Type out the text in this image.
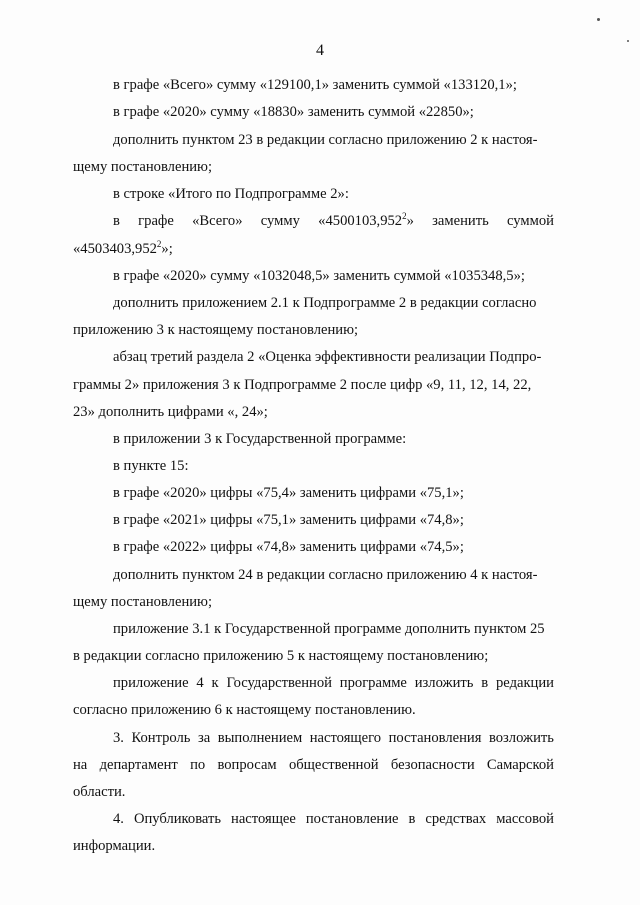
4
в графе «Всего» сумму «129100,1» заменить суммой «133120,1»;
в графе «2020» сумму «18830» заменить суммой «22850»;
дополнить пунктом 23 в редакции согласно приложению 2 к настоя-
щему постановлению;
в строке «Итого по Подпрограмме 2»:
в графе «Всего» сумму «4500103,952$^2$» заменить суммой
«4503403,952$^2$»;
в графе «2020» сумму «1032048,5» заменить суммой «1035348,5»;
дополнить приложением 2.1 к Подпрограмме 2 в редакции согласно
приложению 3 к настоящему постановлению;
абзац третий раздела 2 «Оценка эффективности реализации Подпро-
граммы 2» приложения 3 к Подпрограмме 2 после цифр «9, 11, 12, 14, 22,
23» дополнить цифрами «, 24»;
в приложении 3 к Государственной программе:
в пункте 15:
в графе «2020» цифры «75,4» заменить цифрами «75,1»;
в графе «2021» цифры «75,1» заменить цифрами «74,8»;
в графе «2022» цифры «74,8» заменить цифрами «74,5»;
дополнить пунктом 24 в редакции согласно приложению 4 к настоя-
щему постановлению;
приложение 3.1 к Государственной программе дополнить пунктом 25
в редакции согласно приложению 5 к настоящему постановлению;
приложение 4 к Государственной программе изложить в редакции
согласно приложению 6 к настоящему постановлению.
3. Контроль за выполнением настоящего постановления возложить
на департамент по вопросам общественной безопасности Самарской
области.
4. Опубликовать настоящее постановление в средствах массовой
информации.
